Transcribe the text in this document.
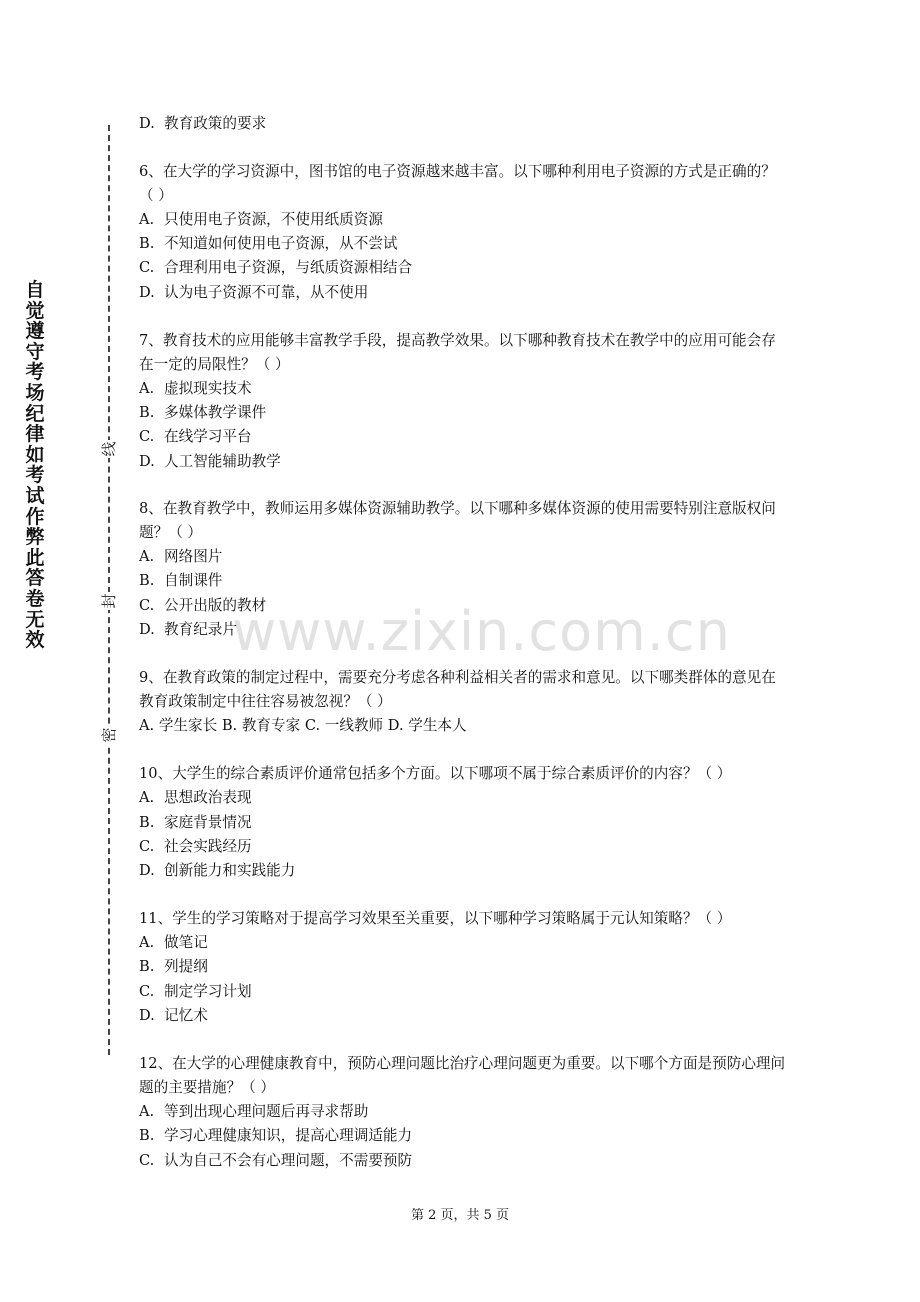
自觉遵守考场纪律如考试作弊此答卷无效
线
封
密
www.zixin.com.cn
D. 教育政策的要求
6、在大学的学习资源中，图书馆的电子资源越来越丰富。以下哪种利用电子资源的方式是正确的？（ ）
A. 只使用电子资源，不使用纸质资源
B. 不知道如何使用电子资源，从不尝试
C. 合理利用电子资源，与纸质资源相结合
D. 认为电子资源不可靠，从不使用
7、教育技术的应用能够丰富教学手段，提高教学效果。以下哪种教育技术在教学中的应用可能会存在一定的局限性？（ ）
A. 虚拟现实技术
B. 多媒体教学课件
C. 在线学习平台
D. 人工智能辅助教学
8、在教育教学中，教师运用多媒体资源辅助教学。以下哪种多媒体资源的使用需要特别注意版权问题？（ ）
A. 网络图片
B. 自制课件
C. 公开出版的教材
D. 教育纪录片
9、在教育政策的制定过程中，需要充分考虑各种利益相关者的需求和意见。以下哪类群体的意见在教育政策制定中往往容易被忽视？（ ）
A. 学生家长 B. 教育专家 C. 一线教师 D. 学生本人
10、大学生的综合素质评价通常包括多个方面。以下哪项不属于综合素质评价的内容？（ ）
A. 思想政治表现
B. 家庭背景情况
C. 社会实践经历
D. 创新能力和实践能力
11、学生的学习策略对于提高学习效果至关重要，以下哪种学习策略属于元认知策略？（ ）
A. 做笔记
B. 列提纲
C. 制定学习计划
D. 记忆术
12、在大学的心理健康教育中，预防心理问题比治疗心理问题更为重要。以下哪个方面是预防心理问题的主要措施？（ ）
A. 等到出现心理问题后再寻求帮助
B. 学习心理健康知识，提高心理调适能力
C. 认为自己不会有心理问题，不需要预防
第 2 页，共 5 页
